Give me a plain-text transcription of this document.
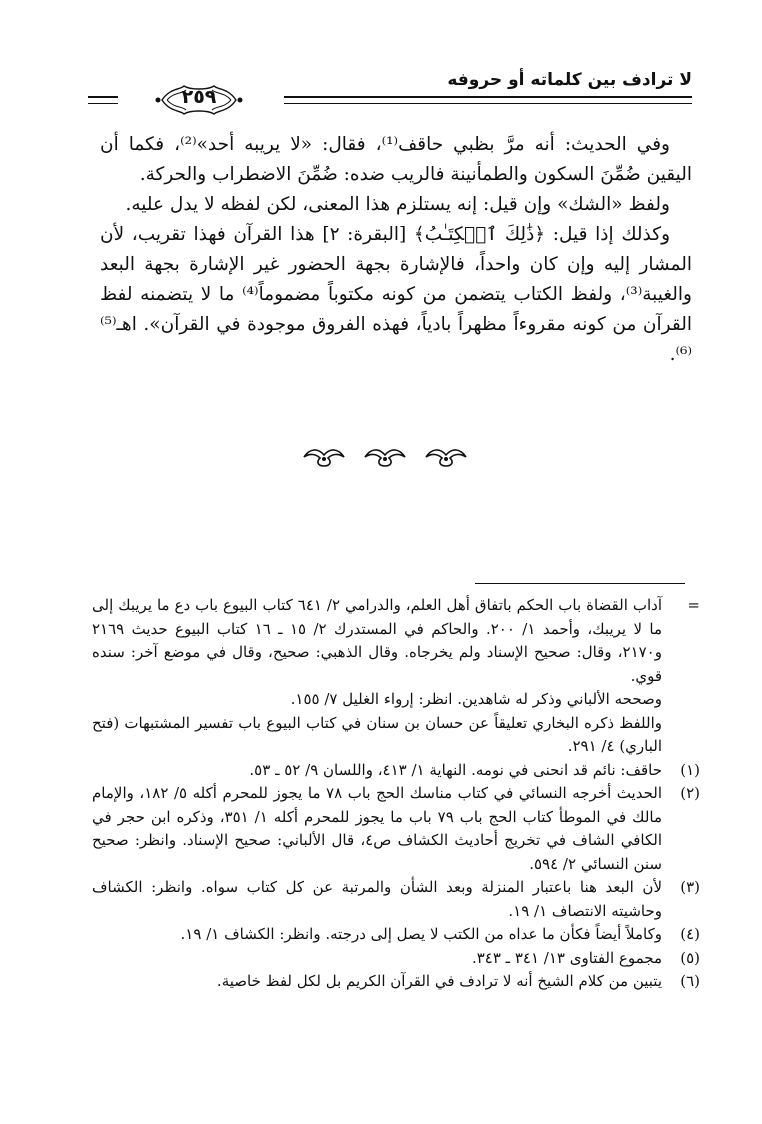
لا ترادف بين كلماته أو حروفه
٢٥٩

وفي الحديث: أنه مرَّ بظبي حاقف⁽¹⁾، فقال: «لا يريبه أحد»⁽²⁾، فكما أن اليقين ضُمِّنَ السكون والطمأنينة فالريب ضده: ضُمِّنَ الاضطراب والحركة.

ولفظ «الشك» وإن قيل: إنه يستلزم هذا المعنى، لكن لفظه لا يدل عليه.

وكذلك إذا قيل: ﴿ذَٰلِكَ ٱلۡكِتَـٰبُ﴾ [البقرة: ٢] هذا القرآن فهذا تقريب، لأن المشار إليه وإن كان واحداً، فالإشارة بجهة الحضور غير الإشارة بجهة البعد والغيبة⁽³⁾، ولفظ الكتاب يتضمن من كونه مكتوباً مضموماً⁽⁴⁾ ما لا يتضمنه لفظ القرآن من كونه مقروءاً مظهراً بادياً، فهذه الفروق موجودة في القرآن». اهـ⁽⁵⁾⁽⁶⁾.

=
آداب القضاة باب الحكم باتفاق أهل العلم، والدرامي ٢/ ٦٤١ كتاب البيوع باب دع ما يريبك إلى ما لا يريبك، وأحمد ١/ ٢٠٠. والحاكم في المستدرك ٢/ ١٥ ـ ١٦ كتاب البيوع حديث ٢١٦٩ و٢١٧٠، وقال: صحيح الإسناد ولم يخرجاه. وقال الذهبي: صحيح، وقال في موضع آخر: سنده قوي.

وصححه الألباني وذكر له شاهدين. انظر: إرواء الغليل ٧/ ١٥٥.

واللفظ ذكره البخاري تعليقاً عن حسان بن سنان في كتاب البيوع باب تفسير المشتبهات (فتح الباري) ٤/ ٢٩١.

(١)
حاقف: نائم قد انحنى في نومه. النهاية ١/ ٤١٣، واللسان ٩/ ٥٢ ـ ٥٣.

(٢)
الحديث أخرجه النسائي في كتاب مناسك الحج باب ٧٨ ما يجوز للمحرم أكله ٥/ ١٨٢، والإمام مالك في الموطأ كتاب الحج باب ٧٩ باب ما يجوز للمحرم أكله ١/ ٣٥١، وذكره ابن حجر في الكافي الشاف في تخريج أحاديث الكشاف ص٤، قال الألباني: صحيح الإسناد. وانظر: صحيح سنن النسائي ٢/ ٥٩٤.

(٣)
لأن البعد هنا باعتبار المنزلة وبعد الشأن والمرتبة عن كل كتاب سواه. وانظر: الكشاف وحاشيته الانتصاف ١/ ١٩.

(٤)
وكاملاً أيضاً فكأن ما عداه من الكتب لا يصل إلى درجته. وانظر: الكشاف ١/ ١٩.

(٥)
مجموع الفتاوى ١٣/ ٣٤١ ـ ٣٤٣.

(٦)
يتبين من كلام الشيخ أنه لا ترادف في القرآن الكريم بل لكل لفظ خاصية.
